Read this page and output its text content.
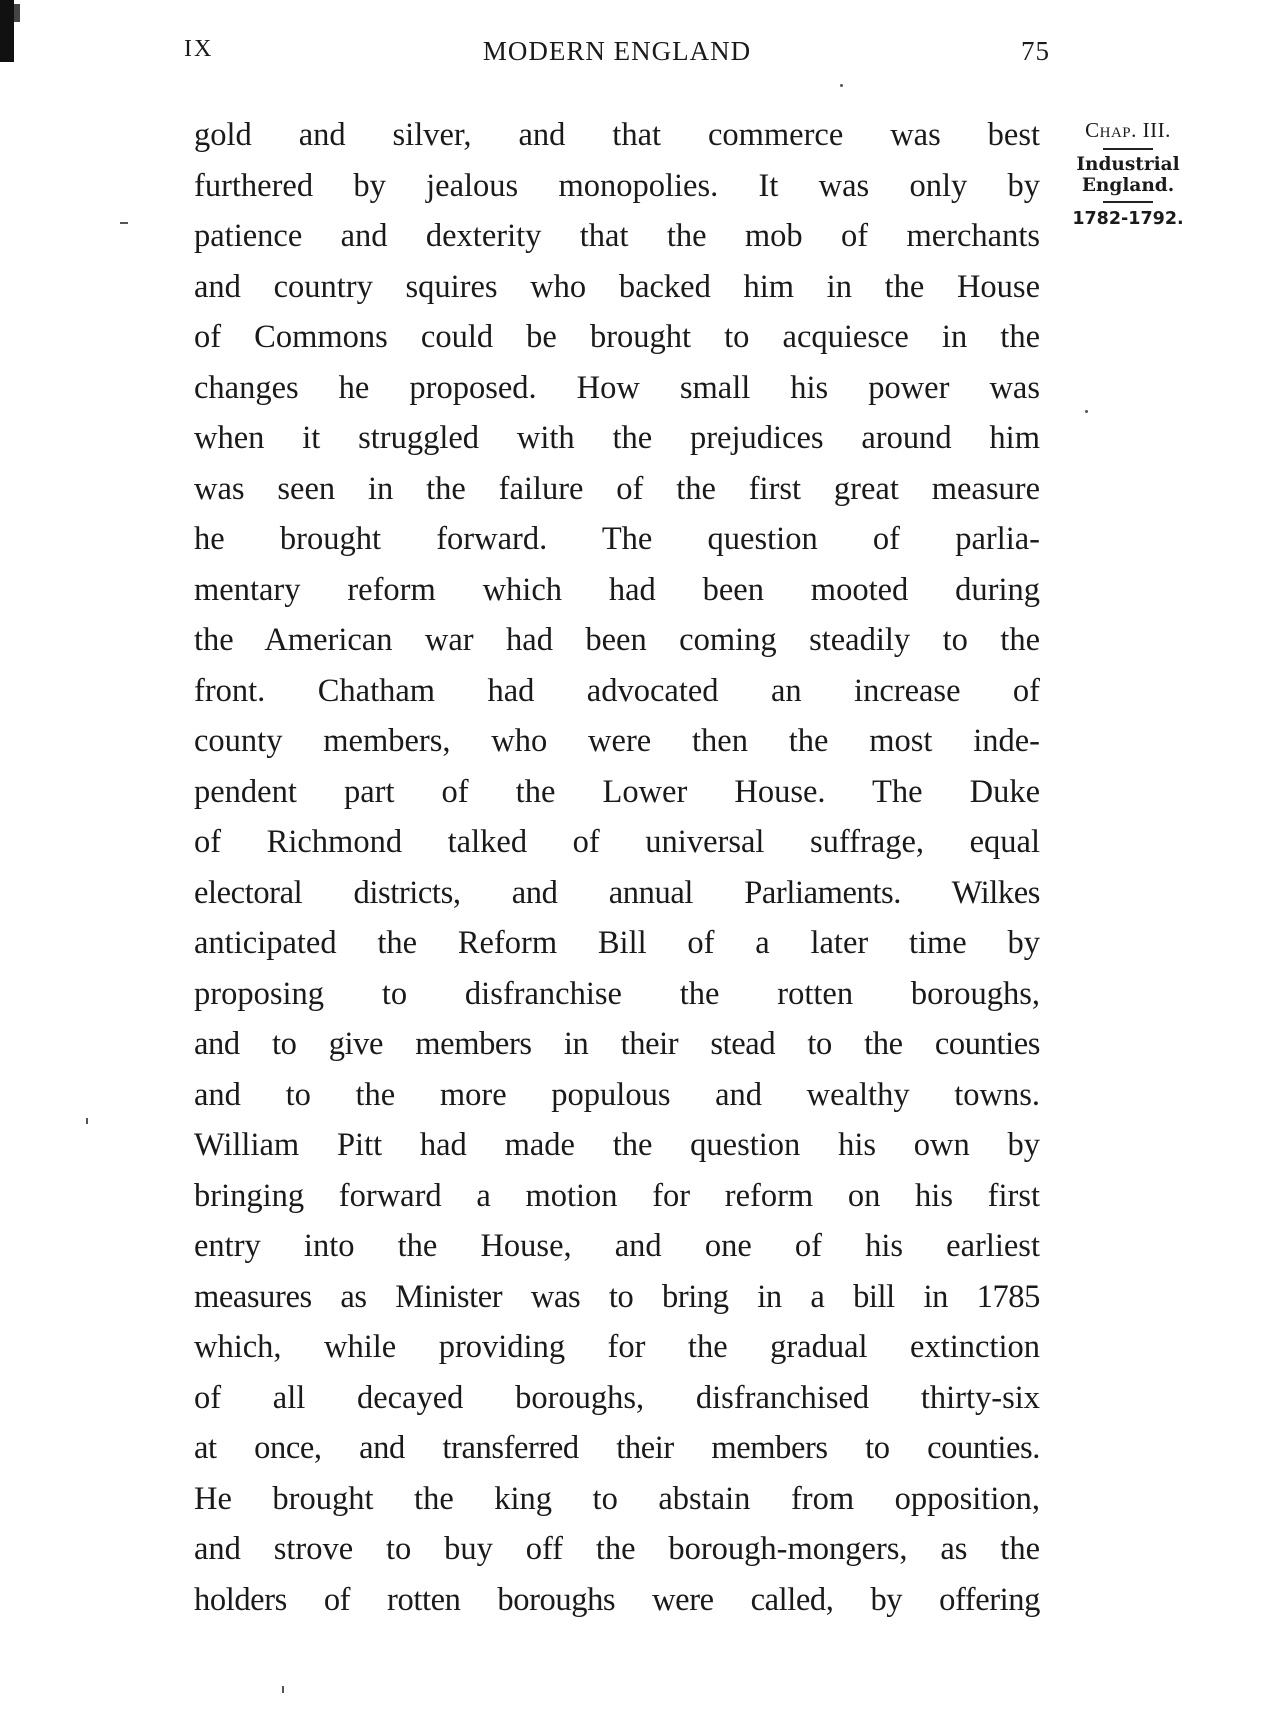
IX	MODERN ENGLAND	75
gold and silver, and that commerce was best
furthered by jealous monopolies. It was only by
patience and dexterity that the mob of merchants
and country squires who backed him in the House
of Commons could be brought to acquiesce in the
changes he proposed. How small his power was
when it struggled with the prejudices around him
was seen in the failure of the first great measure
he brought forward. The question of parlia-
mentary reform which had been mooted during
the American war had been coming steadily to the
front. Chatham had advocated an increase of
county members, who were then the most inde-
pendent part of the Lower House. The Duke
of Richmond talked of universal suffrage, equal
electoral districts, and annual Parliaments. Wilkes
anticipated the Reform Bill of a later time by
proposing to disfranchise the rotten boroughs,
and to give members in their stead to the counties
and to the more populous and wealthy towns.
William Pitt had made the question his own by
bringing forward a motion for reform on his first
entry into the House, and one of his earliest
measures as Minister was to bring in a bill in 1785
which, while providing for the gradual extinction
of all decayed boroughs, disfranchised thirty-six
at once, and transferred their members to counties.
He brought the king to abstain from opposition,
and strove to buy off the borough-mongers, as the
holders of rotten boroughs were called, by offering
Chap. III.
Industrial
England.
1782-1792.
